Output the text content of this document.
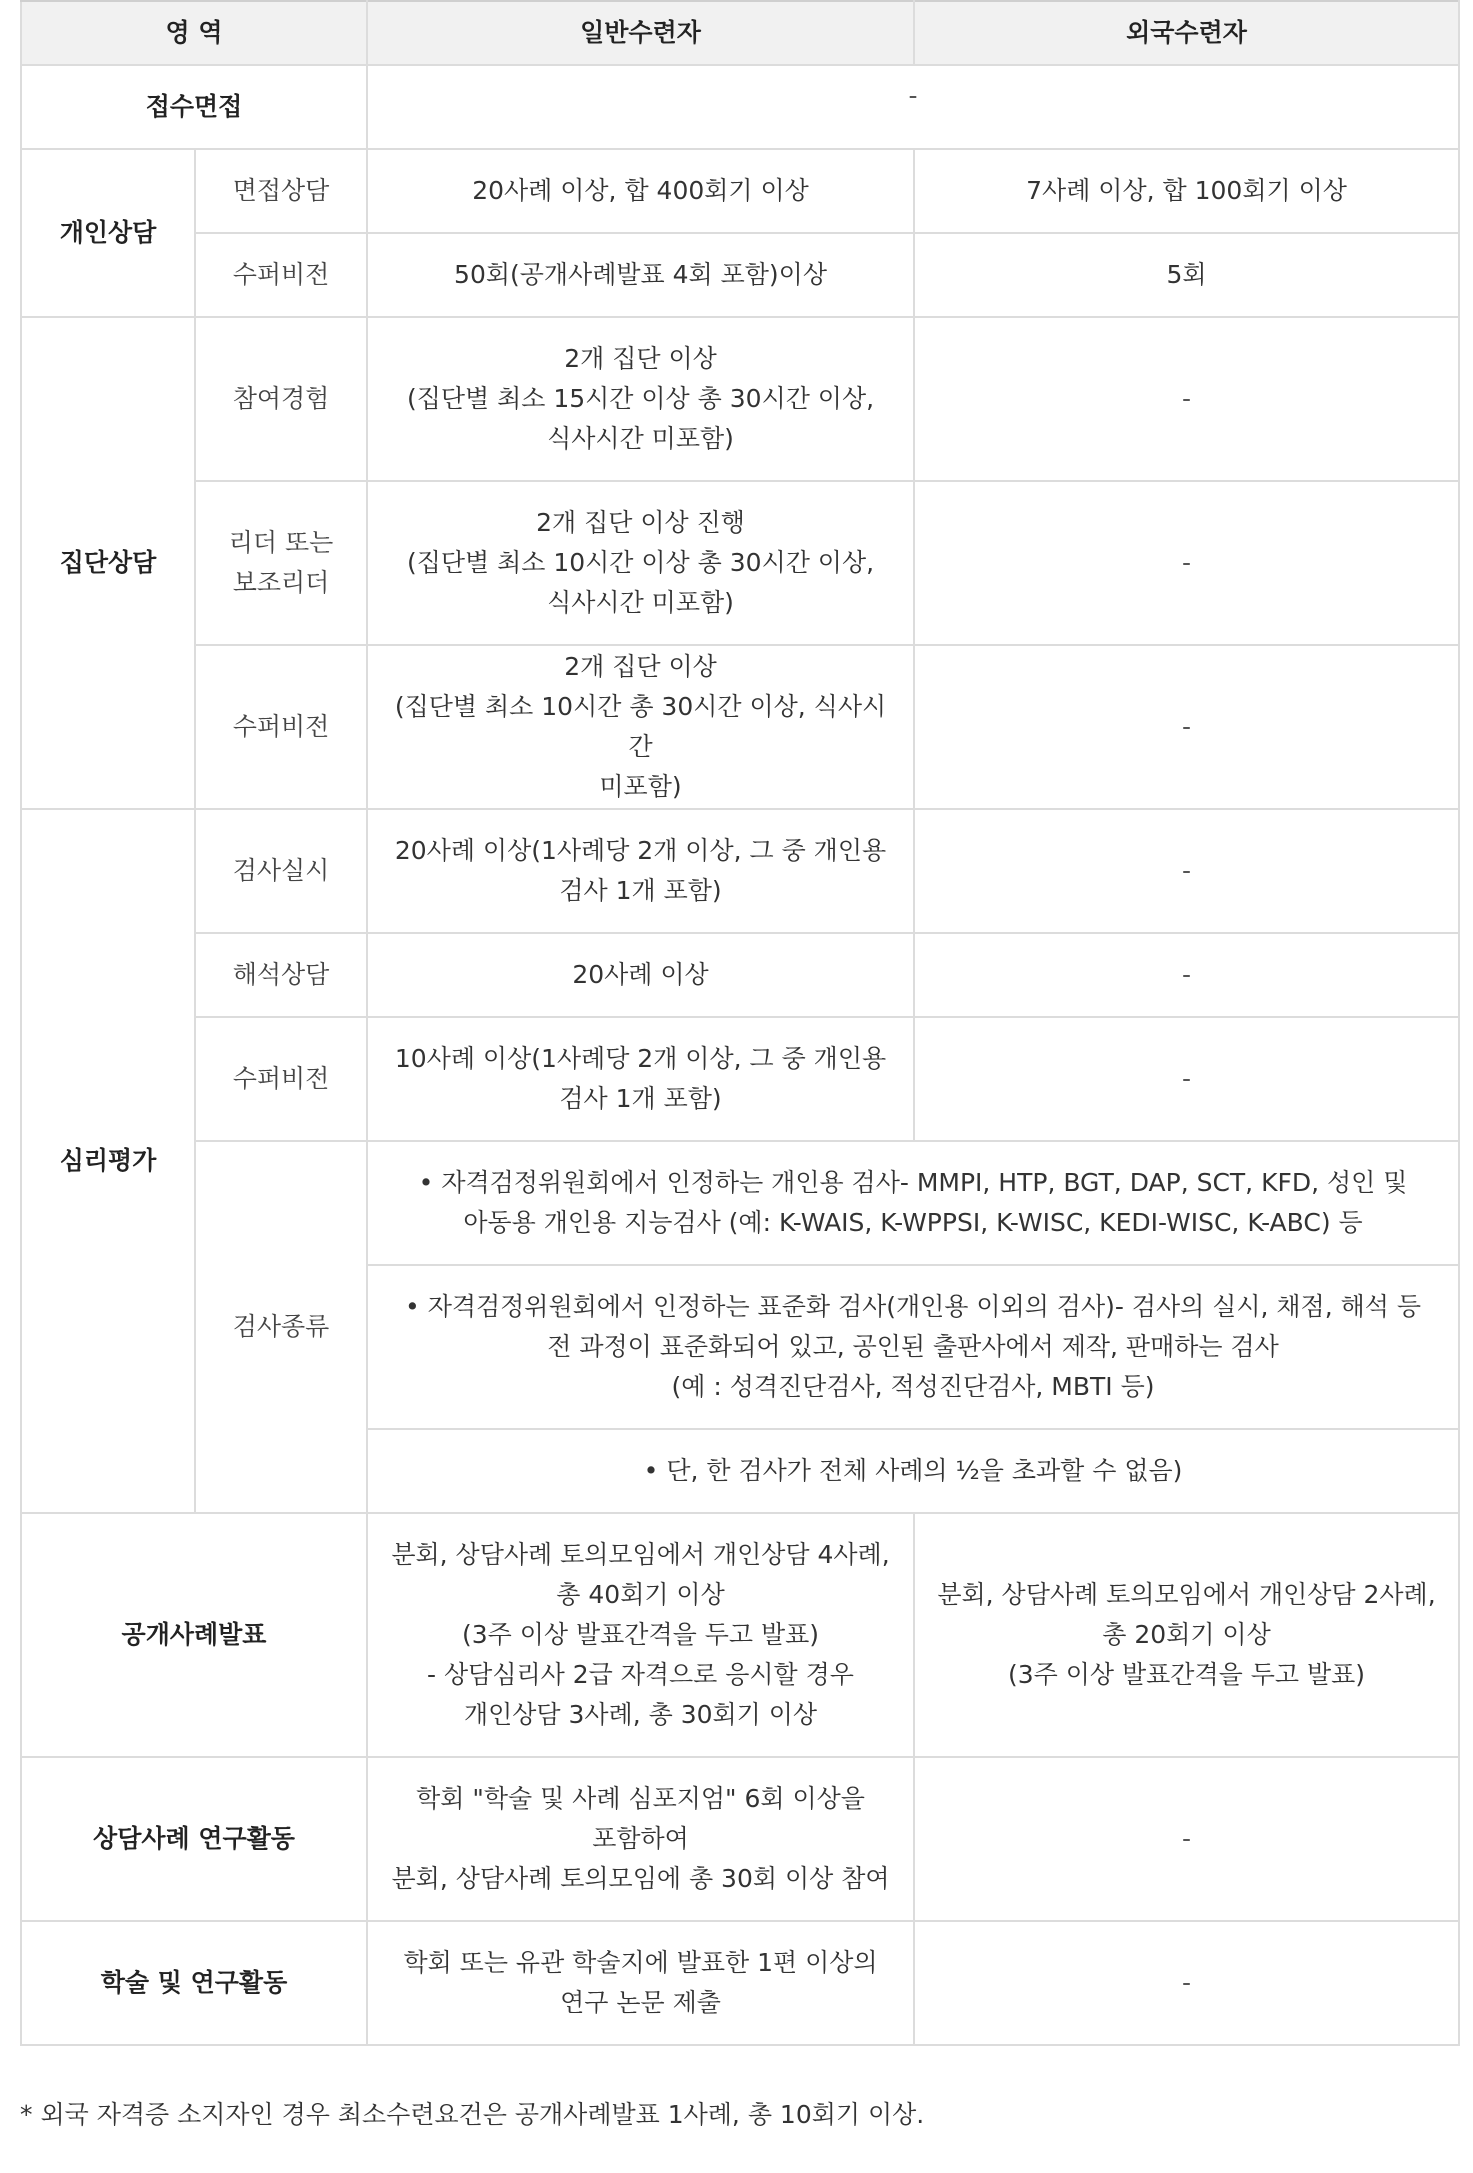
영 역		일반수련자	외국수련자
접수면접		-	
개인상담	면접상담	20사례 이상, 합 400회기 이상	7사례 이상, 합 100회기 이상
	수퍼비전	50회(공개사례발표 4회 포함)이상	5회
집단상담	참여경험	2개 집단 이상
(집단별 최소 15시간 이상 총 30시간 이상,
식사시간 미포함)	-
	리더 또는
보조리더	2개 집단 이상 진행
(집단별 최소 10시간 이상 총 30시간 이상,
식사시간 미포함)	-
	수퍼비전	2개 집단 이상
(집단별 최소 10시간 총 30시간 이상, 식사시간
미포함)	-
심리평가	검사실시	20사례 이상(1사례당 2개 이상, 그 중 개인용
검사 1개 포함)	-
	해석상담	20사례 이상	-
	수퍼비전	10사례 이상(1사례당 2개 이상, 그 중 개인용
검사 1개 포함)	-
	검사종류	• 자격검정위원회에서 인정하는 개인용 검사- MMPI, HTP, BGT, DAP, SCT, KFD, 성인 및
아동용 개인용 지능검사 (예: K-WAIS, K-WPPSI, K-WISC, KEDI-WISC, K-ABC) 등	
		• 자격검정위원회에서 인정하는 표준화 검사(개인용 이외의 검사)- 검사의 실시, 채점, 해석 등
전 과정이 표준화되어 있고, 공인된 출판사에서 제작, 판매하는 검사
(예 : 성격진단검사, 적성진단검사, MBTI 등)	
		• 단, 한 검사가 전체 사례의 ½을 초과할 수 없음)	
공개사례발표		분회, 상담사례 토의모임에서 개인상담 4사례,
총 40회기 이상
(3주 이상 발표간격을 두고 발표)
- 상담심리사 2급 자격으로 응시할 경우
개인상담 3사례, 총 30회기 이상	분회, 상담사례 토의모임에서 개인상담 2사례,
총 20회기 이상
(3주 이상 발표간격을 두고 발표)
상담사례 연구활동		학회 "학술 및 사례 심포지엄" 6회 이상을
포함하여
분회, 상담사례 토의모임에 총 30회 이상 참여	-
학술 및 연구활동		학회 또는 유관 학술지에 발표한 1편 이상의
연구 논문 제출	-
* 외국 자격증 소지자인 경우 최소수련요건은 공개사례발표 1사례, 총 10회기 이상.
